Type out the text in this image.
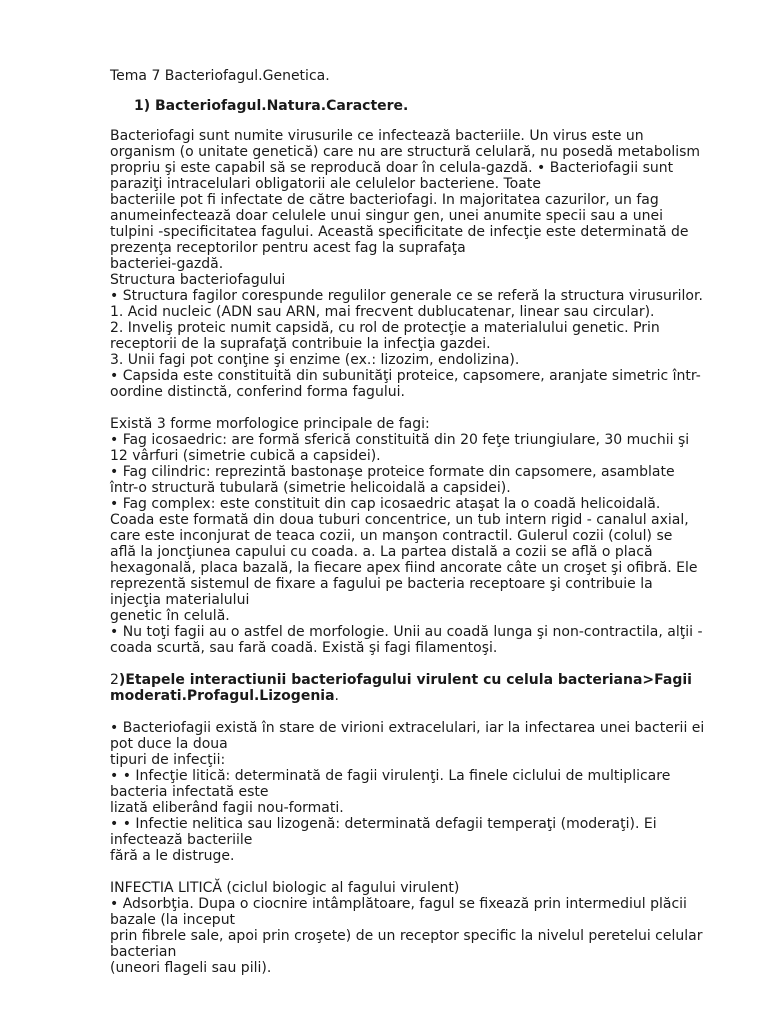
Tema 7 Bacteriofagul.Genetica.
1) Bacteriofagul.Natura.Caractere.
Bacteriofagi sunt numite virusurile ce infectează bacteriile. Un virus este un
organism (o unitate genetică) care nu are structură celulară, nu posedă metabolism
propriu şi este capabil să se reproducă doar în celula-gazdă. • Bacteriofagii sunt
paraziţi intracelulari obligatorii ale celulelor bacteriene. Toate
bacteriile pot fi infectate de către bacteriofagi. In majoritatea cazurilor, un fag
anumeinfectează doar celulele unui singur gen, unei anumite specii sau a unei
tulpini -specificitatea fagului. Această specificitate de infecţie este determinată de
prezenţa receptorilor pentru acest fag la suprafaţa
bacteriei-gazdă.
Structura bacteriofagului
• Structura fagilor corespunde regulilor generale ce se referă la structura virusurilor.
1. Acid nucleic (ADN sau ARN, mai frecvent dublucatenar, linear sau circular).
2. Inveliş proteic numit capsidă, cu rol de protecţie a materialului genetic. Prin
receptorii de la suprafaţă contribuie la infecţia gazdei.
3. Unii fagi pot conţine şi enzime (ex.: lizozim, endolizina).
• Capsida este constituită din subunităţi proteice, capsomere, aranjate simetric într-
oordine distinctă, conferind forma fagului.
Există 3 forme morfologice principale de fagi:
• Fag icosaedric: are formă sferică constituită din 20 feţe triungiulare, 30 muchii şi
12 vârfuri (simetrie cubică a capsidei).
• Fag cilindric: reprezintă bastonaşe proteice formate din capsomere, asamblate
într-o structură tubulară (simetrie helicoidală a capsidei).
• Fag complex: este constituit din cap icosaedric ataşat la o coadă helicoidală.
Coada este formată din doua tuburi concentrice, un tub intern rigid - canalul axial,
care este inconjurat de teaca cozii, un manşon contractil. Gulerul cozii (colul) se
află la joncţiunea capului cu coada. a. La partea distală a cozii se află o placă
hexagonală, placa bazală, la fiecare apex fiind ancorate câte un croşet şi ofibră. Ele
reprezentă sistemul de fixare a fagului pe bacteria receptoare şi contribuie la
injecţia materialului
genetic în celulă.
• Nu toţi fagii au o astfel de morfologie. Unii au coadă lunga şi non-contractila, alţii -
coada scurtă, sau fară coadă. Există şi fagi filamentoşi.
2)Etapele interactiunii bacteriofagului virulent cu celula bacteriana>Fagii
moderati.Profagul.Lizogenia.
• Bacteriofagii există în stare de virioni extracelulari, iar la infectarea unei bacterii ei
pot duce la doua
tipuri de infecţii:
• • Infecţie litică: determinată de fagii virulenţi. La finele ciclului de multiplicare
bacteria infectată este
lizată eliberând fagii nou-formati.
• • Infectie nelitica sau lizogenă: determinată defagii temperaţi (moderaţi). Ei
infectează bacteriile
fără a le distruge.
INFECTIA LITICĂ (ciclul biologic al fagului virulent)
• Adsorbţia. Dupa o ciocnire intâmplătoare, fagul se fixează prin intermediul plăcii
bazale (la inceput
prin fibrele sale, apoi prin croşete) de un receptor specific la nivelul peretelui celular
bacterian
(uneori flageli sau pili).
